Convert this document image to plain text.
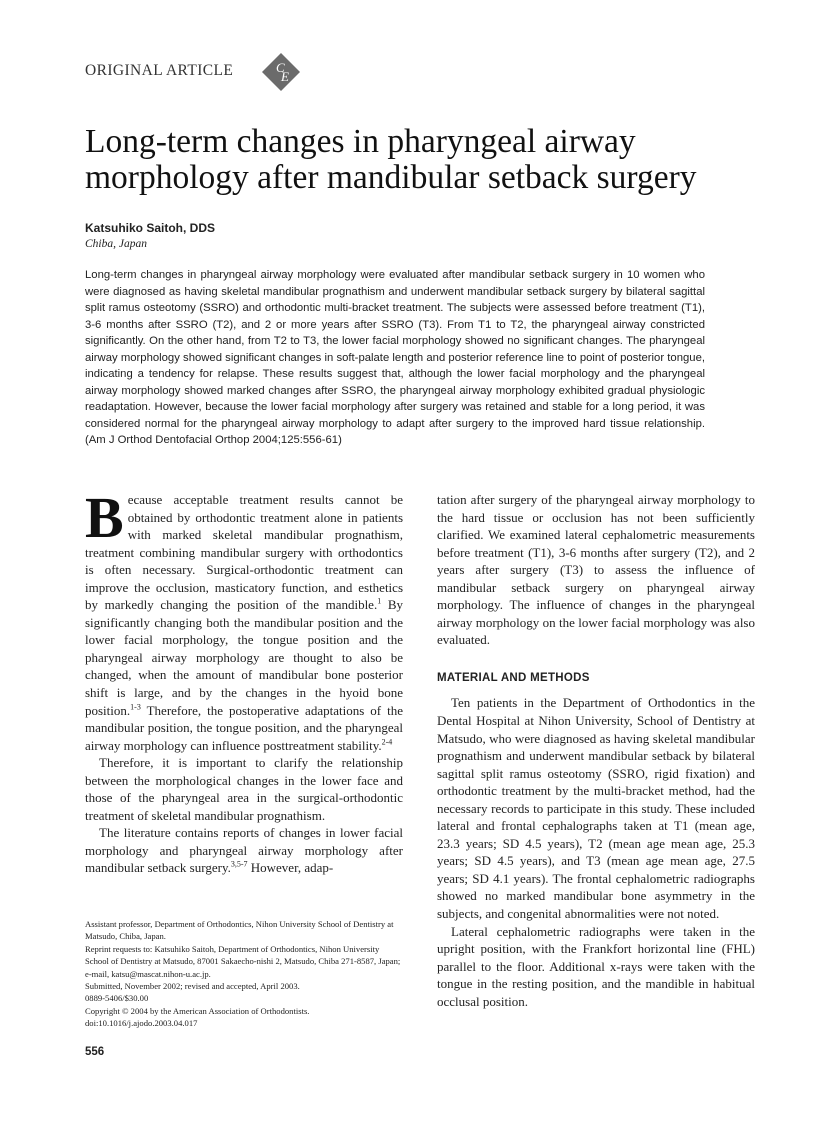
ORIGINAL ARTICLE	C
E
Long-term changes in pharyngeal airway morphology after mandibular setback surgery
Katsuhiko Saitoh, DDS
Chiba, Japan

Long-term changes in pharyngeal airway morphology were evaluated after mandibular setback surgery in 10 women who were diagnosed as having skeletal mandibular prognathism and underwent mandibular setback surgery by bilateral sagittal split ramus osteotomy (SSRO) and orthodontic multi-bracket treatment. The subjects were assessed before treatment (T1), 3-6 months after SSRO (T2), and 2 or more years after SSRO (T3). From T1 to T2, the pharyngeal airway constricted significantly. On the other hand, from T2 to T3, the lower facial morphology showed no significant changes. The pharyngeal airway morphology showed significant changes in soft-palate length and posterior reference line to point of posterior tongue, indicating a tendency for relapse. These results suggest that, although the lower facial morphology and the pharyngeal airway morphology showed marked changes after SSRO, the pharyngeal airway morphology exhibited gradual physiologic readaptation. However, because the lower facial morphology after surgery was retained and stable for a long period, it was considered normal for the pharyngeal airway morphology to adapt after surgery to the improved hard tissue relationship. (Am J Orthod Dentofacial Orthop 2004;125:556-61)

Because acceptable treatment results cannot be obtained by orthodontic treatment alone in patients with marked skeletal mandibular prognathism, treatment combining mandibular surgery with orthodontics is often necessary. Surgical-orthodontic treatment can improve the occlusion, masticatory function, and esthetics by markedly changing the position of the mandible.$^1$ By significantly changing both the mandibular position and the lower facial morphology, the tongue position and the pharyngeal airway morphology are thought to also be changed, when the amount of mandibular bone posterior shift is large, and by the changes in the hyoid bone position.$^{1-3}$ Therefore, the postoperative adaptations of the mandibular position, the tongue position, and the pharyngeal airway morphology can influence posttreatment stability.$^{2-4}$

Therefore, it is important to clarify the relationship between the morphological changes in the lower face and those of the pharyngeal area in the surgical-orthodontic treatment of skeletal mandibular prognathism.

The literature contains reports of changes in lower facial morphology and pharyngeal airway morphology after mandibular setback surgery.$^{3,5-7}$ However, adap-

Assistant professor, Department of Orthodontics, Nihon University School of Dentistry at Matsudo, Chiba, Japan.
Reprint requests to: Katsuhiko Saitoh, Department of Orthodontics, Nihon University School of Dentistry at Matsudo, 87001 Sakaecho-nishi 2, Matsudo, Chiba 271-8587, Japan; e-mail, katsu@mascat.nihon-u.ac.jp.
Submitted, November 2002; revised and accepted, April 2003.
0889-5406/$30.00
Copyright © 2004 by the American Association of Orthodontists.
doi:10.1016/j.ajodo.2003.04.017

tation after surgery of the pharyngeal airway morphology to the hard tissue or occlusion has not been sufficiently clarified. We examined lateral cephalometric measurements before treatment (T1), 3-6 months after surgery (T2), and 2 years after surgery (T3) to assess the influence of mandibular setback surgery on pharyngeal airway morphology. The influence of changes in the pharyngeal airway morphology on the lower facial morphology was also evaluated.

MATERIAL AND METHODS

Ten patients in the Department of Orthodontics in the Dental Hospital at Nihon University, School of Dentistry at Matsudo, who were diagnosed as having skeletal mandibular prognathism and underwent mandibular setback by bilateral sagittal split ramus osteotomy (SSRO, rigid fixation) and orthodontic treatment by the multi-bracket method, had the necessary records to participate in this study. These included lateral and frontal cephalographs taken at T1 (mean age, 23.3 years; SD 4.5 years), T2 (mean age mean age, 25.3 years; SD 4.5 years), and T3 (mean age mean age, 27.5 years; SD 4.1 years). The frontal cephalometric radiographs showed no marked mandibular bone asymmetry in the subjects, and congenital abnormalities were not noted.

Lateral cephalometric radiographs were taken in the upright position, with the Frankfort horizontal line (FHL) parallel to the floor. Additional x-rays were taken with the tongue in the resting position, and the mandible in habitual occlusal position.

556
